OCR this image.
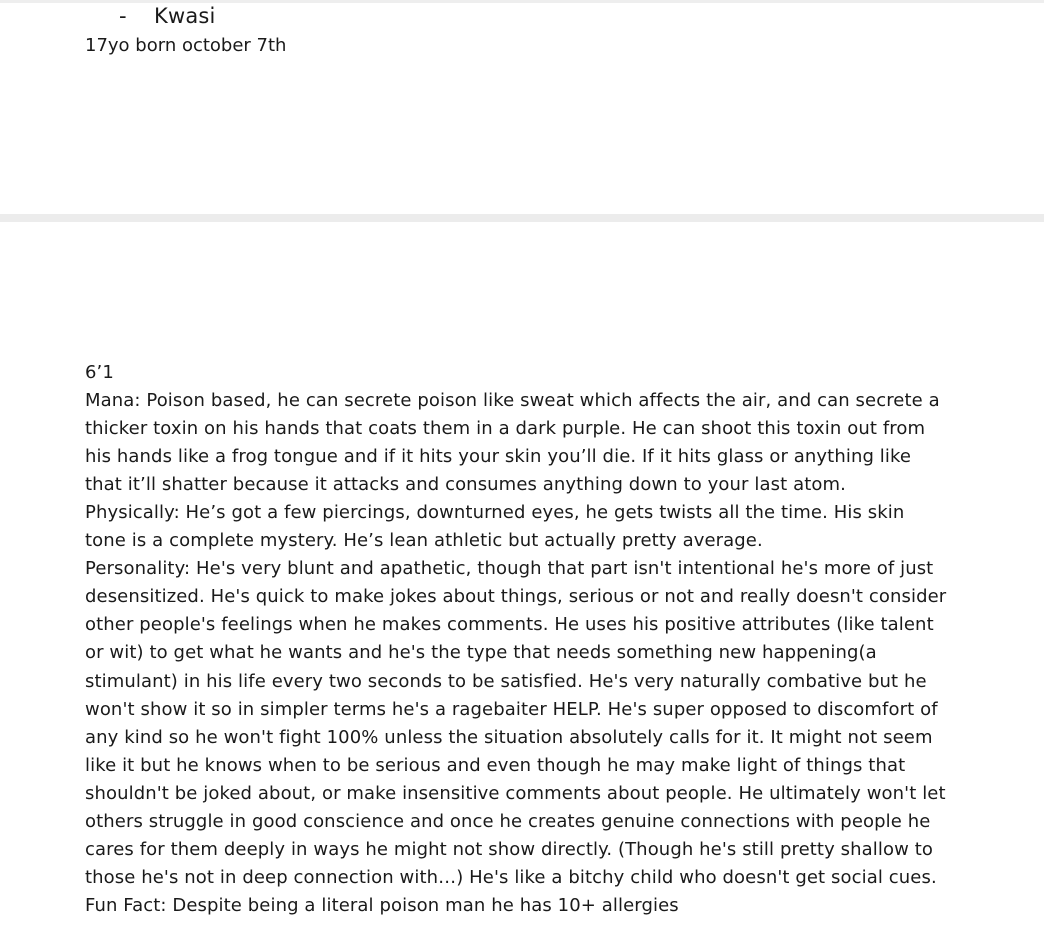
-	Kwasi
17yo born october 7th
6’1
Mana: Poison based, he can secrete poison like sweat which affects the air, and can secrete a
thicker toxin on his hands that coats them in a dark purple. He can shoot this toxin out from
his hands like a frog tongue and if it hits your skin you’ll die. If it hits glass or anything like
that it’ll shatter because it attacks and consumes anything down to your last atom.
Physically: He’s got a few piercings, downturned eyes, he gets twists all the time. His skin
tone is a complete mystery. He’s lean athletic but actually pretty average.
Personality: He's very blunt and apathetic, though that part isn't intentional he's more of just
desensitized. He's quick to make jokes about things, serious or not and really doesn't consider
other people's feelings when he makes comments. He uses his positive attributes (like talent
or wit) to get what he wants and he's the type that needs something new happening(a
stimulant) in his life every two seconds to be satisfied. He's very naturally combative but he
won't show it so in simpler terms he's a ragebaiter HELP. He's super opposed to discomfort of
any kind so he won't fight 100% unless the situation absolutely calls for it. It might not seem
like it but he knows when to be serious and even though he may make light of things that
shouldn't be joked about, or make insensitive comments about people. He ultimately won't let
others struggle in good conscience and once he creates genuine connections with people he
cares for them deeply in ways he might not show directly. (Though he's still pretty shallow to
those he's not in deep connection with…) He's like a bitchy child who doesn't get social cues.
Fun Fact: Despite being a literal poison man he has 10+ allergies
